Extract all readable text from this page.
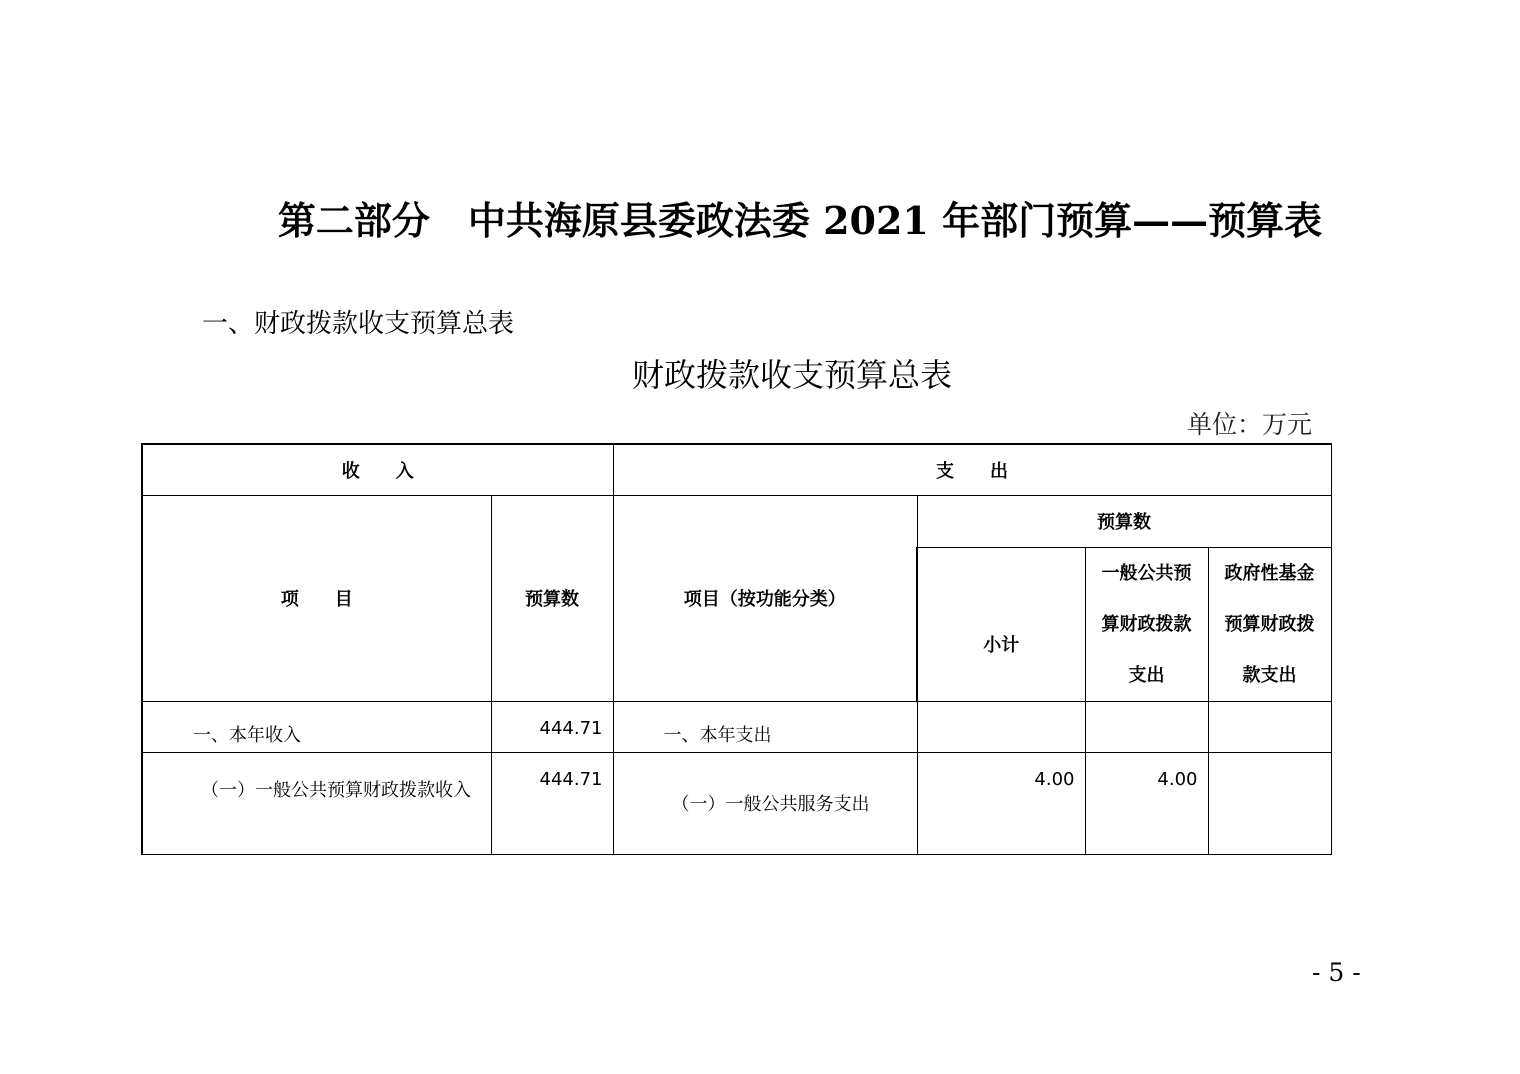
第二部分　中共海原县委政法委 2021 年部门预算——预算表
一、财政拨款收支预算总表
财政拨款收支预算总表
单位：万元
收　　入		支　　出			
项　　目	预算数	项目（按功能分类）	预算数		
			小计	一般公共预算财政拨款支出	政府性基金预算财政拨款支出
一、本年收入	444.71	一、本年支出			
（一）一般公共预算财政拨款收入	444.71	（一）一般公共服务支出	4.00	4.00	
- 5 -
